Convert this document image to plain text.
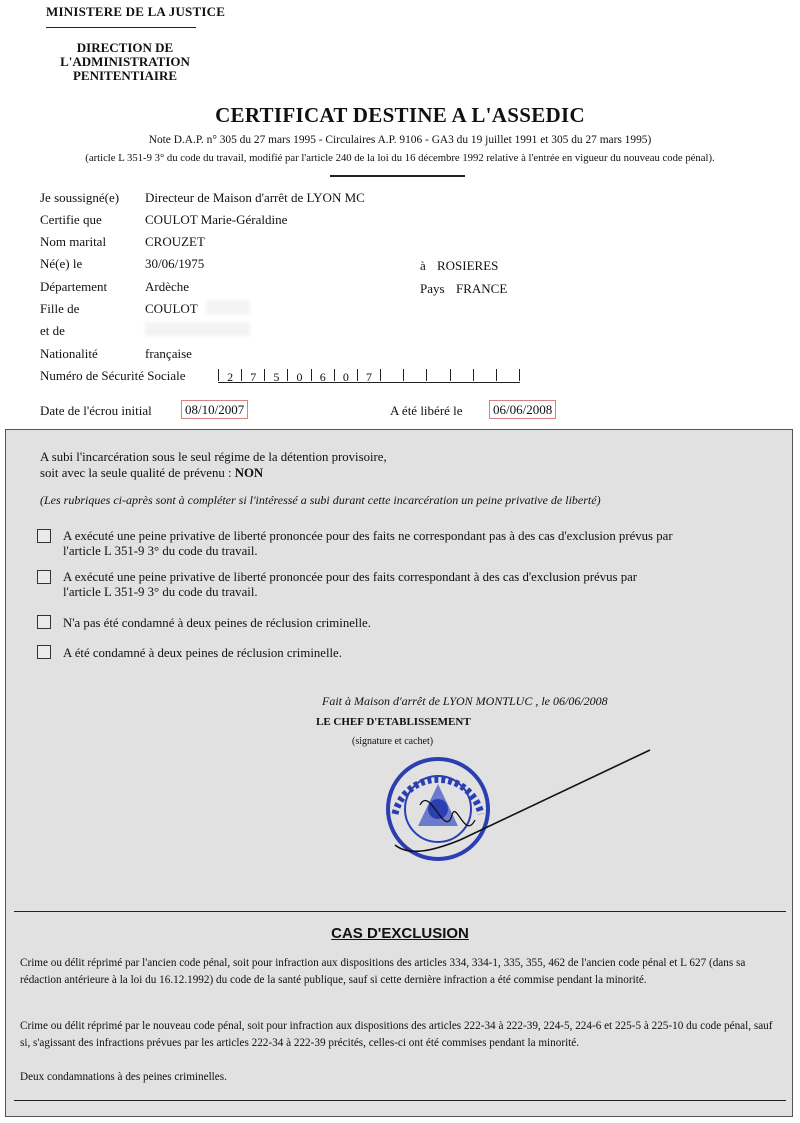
MINISTERE DE LA JUSTICE
DIRECTION DE
L'ADMINISTRATION
PENITENTIAIRE
CERTIFICAT DESTINE A L'ASSEDIC
Note D.A.P. n° 305 du 27 mars 1995 - Circulaires A.P. 9106 - GA3 du 19 juillet 1991 et 305 du 27 mars 1995)
(article L 351-9 3° du code du travail, modifié par l'article 240 de la loi du 16 décembre 1992 relative à l'entrée en vigueur du nouveau code pénal).
Je soussigné(e) Directeur de Maison d'arrêt de LYON MC
Certifie que	COULOT Marie-Géraldine
Nom marital	CROUZET
Né(e) le	30/06/1975	à ROSIERES
Département	Ardèche	Pays FRANCE
Fille de	COULOT
et de
Nationalité	française
Numéro de Sécurité Sociale	2	7	5	0	6	0	7
Date de l'écrou initial	08/10/2007	A été libéré le	06/06/2008
A subi l'incarcération sous le seul régime de la détention provisoire,
soit avec la seule qualité de prévenu : NON
(Les rubriques ci-après sont à compléter si l'intéressé a subi durant cette incarcération un peine privative de liberté)
A exécuté une peine privative de liberté prononcée pour des faits ne correspondant pas à des cas d'exclusion prévus par
l'article L 351-9 3° du code du travail.
A exécuté une peine privative de liberté prononcée pour des faits correspondant à des cas d'exclusion prévus par
l'article L 351-9 3° du code du travail.
N'a pas été condamné à deux peines de réclusion criminelle.
A été condamné à deux peines de réclusion criminelle.
Fait à Maison d'arrêt de LYON MONTLUC , le 06/06/2008
LE CHEF D'ETABLISSEMENT
(signature et cachet)
CAS D'EXCLUSION
Crime ou délit réprimé par l'ancien code pénal, soit pour infraction aux dispositions des articles 334, 334-1, 335, 355, 462 de l'ancien code pénal et L 627 (dans sa rédaction antérieure à la loi du 16.12.1992) du code de la santé publique, sauf si cette dernière infraction a été commise pendant la minorité.
Crime ou délit réprimé par le nouveau code pénal, soit pour infraction aux dispositions des articles 222-34 à 222-39, 224-5, 224-6 et 225-5 à 225-10 du code pénal, sauf si, s'agissant des infractions prévues par les articles 222-34 à 222-39 précités, celles-ci ont été commises pendant la minorité.
Deux condamnations à des peines criminelles.
